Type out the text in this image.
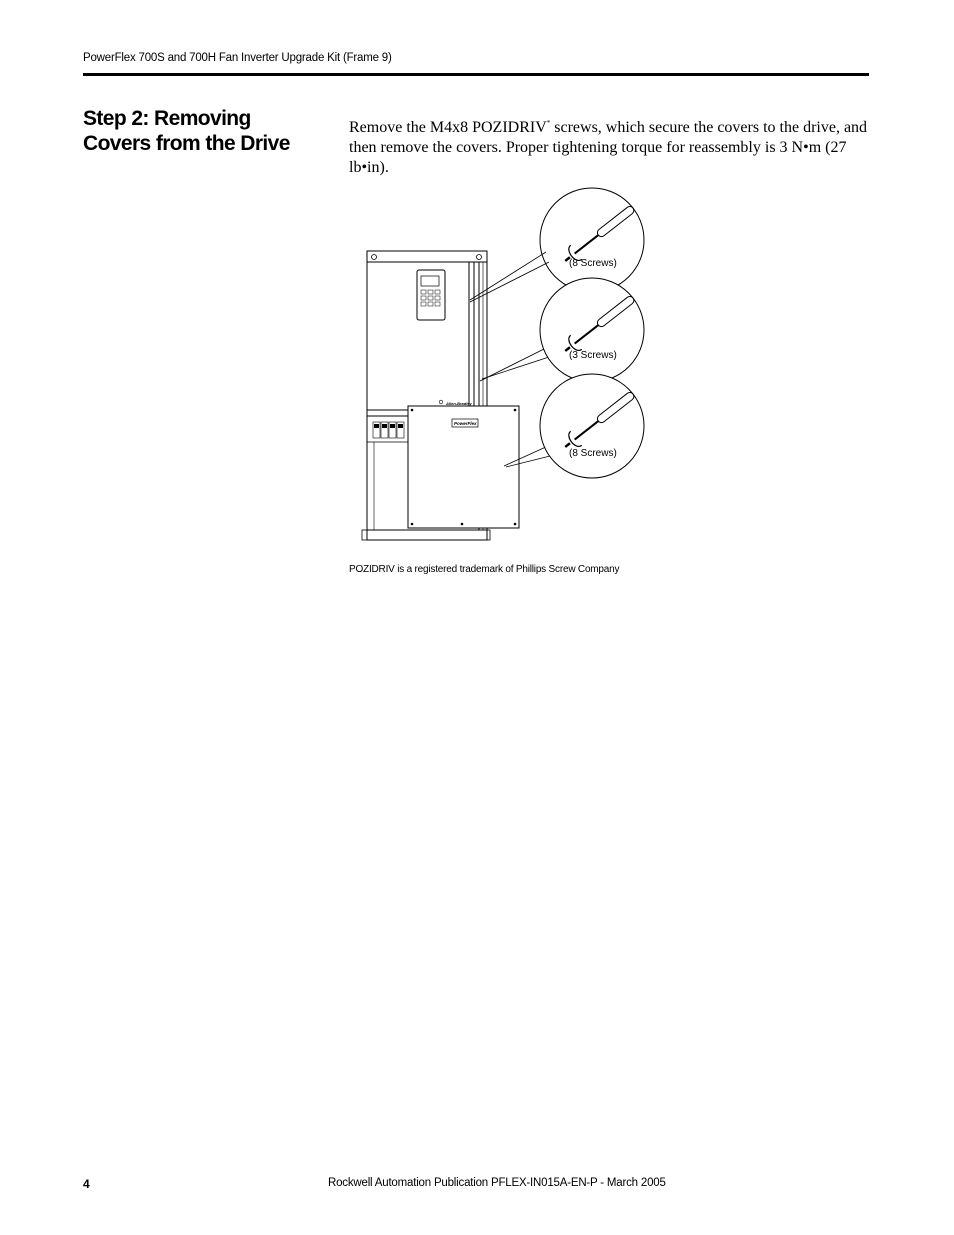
PowerFlex 700S and 700H Fan Inverter Upgrade Kit (Frame 9)
Step 2: Removing Covers from the Drive

Remove the M4x8 POZIDRIV* screws, which secure the covers to the drive, and then remove the covers. Proper tightening torque for reassembly is 3 N•m (27 lb•in).

Allen-Bradley
PowerFlex
(8 Screws)
(3 Screws)
(8 Screws)
POZIDRIV is a registered trademark of Phillips Screw Company
4	Rockwell Automation Publication PFLEX-IN015A-EN-P - March 2005
